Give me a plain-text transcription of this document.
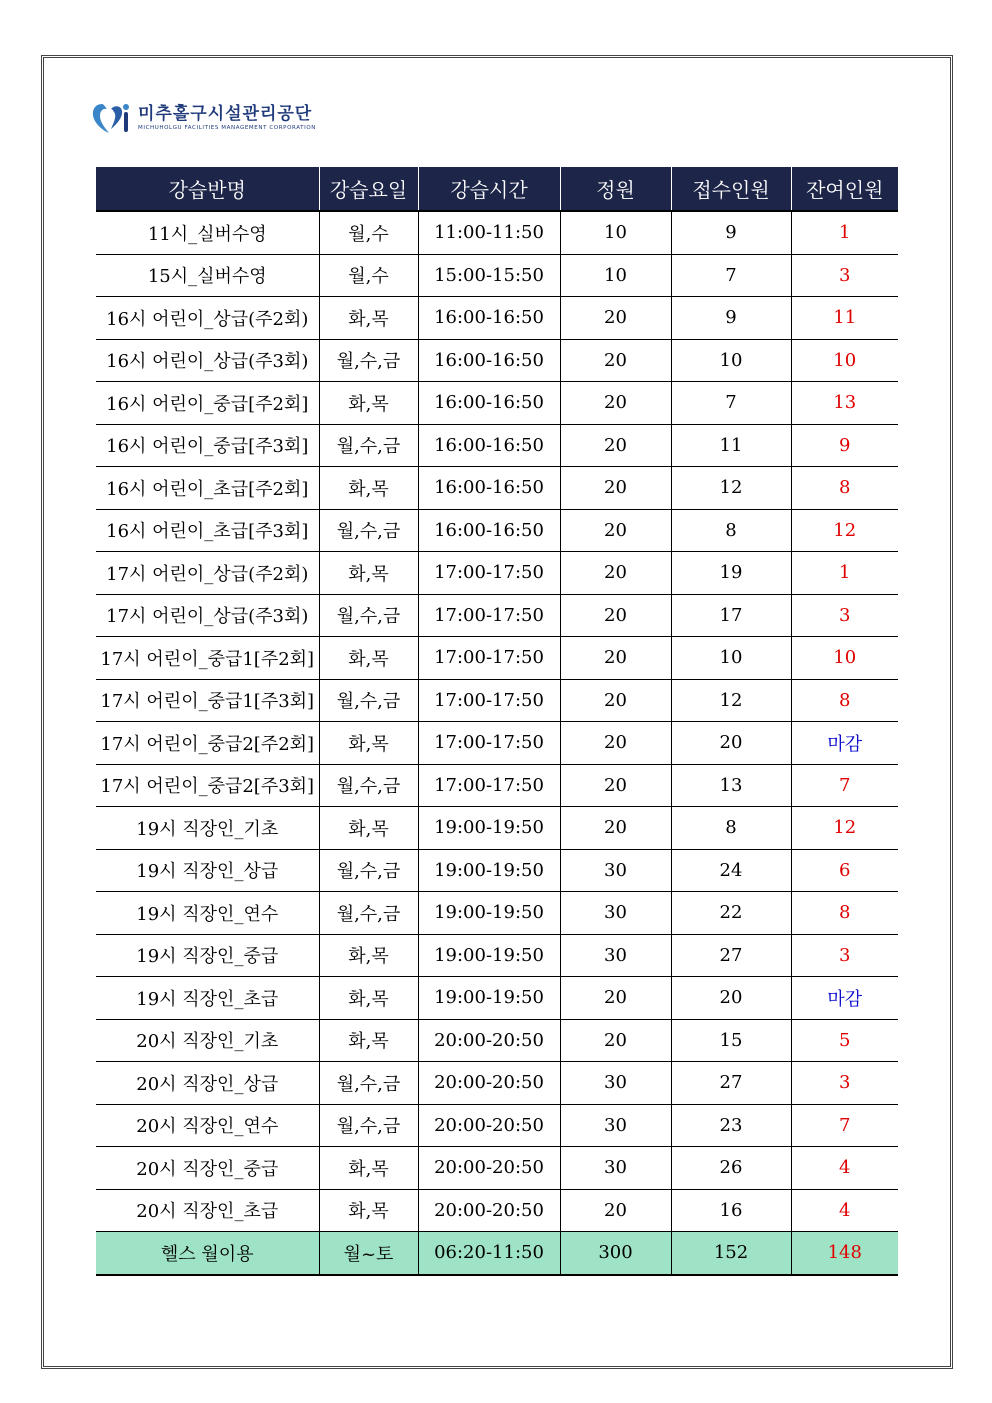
미추홀구시설관리공단
MICHUHOLGU FACILITIES MANAGEMENT CORPORATION
강습반명	강습요일	강습시간	정원	접수인원	잔여인원
11시_실버수영	월,수	11:00-11:50	10	9	1
15시_실버수영	월,수	15:00-15:50	10	7	3
16시 어린이_상급(주2회)	화,목	16:00-16:50	20	9	11
16시 어린이_상급(주3회)	월,수,금	16:00-16:50	20	10	10
16시 어린이_중급[주2회]	화,목	16:00-16:50	20	7	13
16시 어린이_중급[주3회]	월,수,금	16:00-16:50	20	11	9
16시 어린이_초급[주2회]	화,목	16:00-16:50	20	12	8
16시 어린이_초급[주3회]	월,수,금	16:00-16:50	20	8	12
17시 어린이_상급(주2회)	화,목	17:00-17:50	20	19	1
17시 어린이_상급(주3회)	월,수,금	17:00-17:50	20	17	3
17시 어린이_중급1[주2회]	화,목	17:00-17:50	20	10	10
17시 어린이_중급1[주3회]	월,수,금	17:00-17:50	20	12	8
17시 어린이_중급2[주2회]	화,목	17:00-17:50	20	20	마감
17시 어린이_중급2[주3회]	월,수,금	17:00-17:50	20	13	7
19시 직장인_기초	화,목	19:00-19:50	20	8	12
19시 직장인_상급	월,수,금	19:00-19:50	30	24	6
19시 직장인_연수	월,수,금	19:00-19:50	30	22	8
19시 직장인_중급	화,목	19:00-19:50	30	27	3
19시 직장인_초급	화,목	19:00-19:50	20	20	마감
20시 직장인_기초	화,목	20:00-20:50	20	15	5
20시 직장인_상급	월,수,금	20:00-20:50	30	27	3
20시 직장인_연수	월,수,금	20:00-20:50	30	23	7
20시 직장인_중급	화,목	20:00-20:50	30	26	4
20시 직장인_초급	화,목	20:00-20:50	20	16	4
헬스 월이용	월~토	06:20-11:50	300	152	148
